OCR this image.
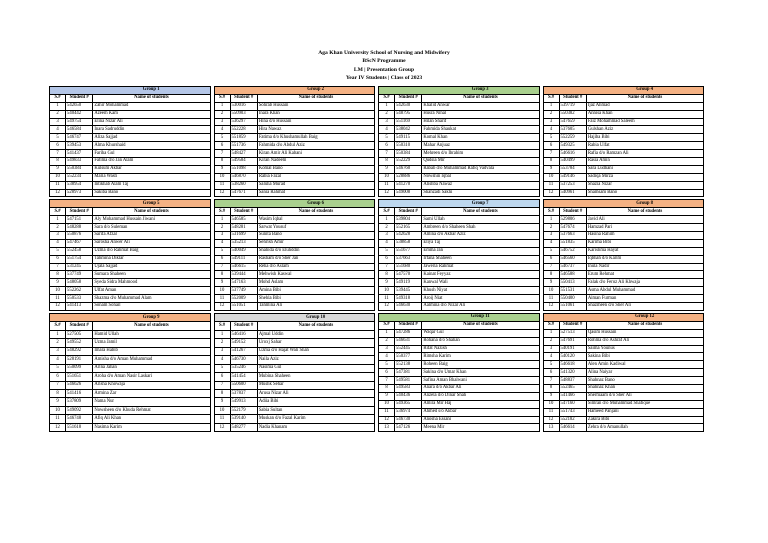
Aga Khan University School of Nursing and Midwifery
BScN Programme
LM | Presentation Group
Year IV Students | Class of 2023
		Group 1
S.#	Student #	Name of students
1	542650	Zahir Mohammad
2	540442	Azeem Kam
3	549754	Elina Nizar Ali
4	546584	Inara Sadruddin
5	546747	Aliza Sajjad
6	539453	Alma Khurshaid
7	541437	Fariha Gul
8	549833	Fatima d/o Jan Alam
9	550384	Kulsum Akbar
10	552234	Maria Wasti
11	538954	Intikhab Alam Taj
12	528973	Sakiba Bano
		Group 2
S.#	Student #	Name of students
1	530016	Sohrab Hussain
2	550903	Inara Khan
3	536297	Hina d/o Hussain
4	552228	Hira Nawaz
5	551859	Fatima d/o Khushamullah Baig
6	551736	Fahmida d/o Abdul Aziz
7	548427	Kiran Amir Ali Kabani
8	549584	Kiran Nadeem
9	551098	Komal Bano
10	546870	Rabia Fazal
11	538260	Saluha Murad
12	547671	Sania Rahmat
		Group 3
S.#	Student #	Name of students
1	542630	Khalid Anwar
2	548795	Husra Nihal
3	551169	Hilan Sharif
4	538042	Fahmida Shaukat
5	549115	Komal Khan
6	550310	Mahar Anjuaz
7	550384	Mehreen d/o Ibrahim
8	552229	Qudsia Mir
9	546760	Rabab d/o Muhammad Rafiq Vadvala
10	528886	Nowshin Iqbal
11	541270	Alishba Nawaz
12	549008	Shahzadi Sakhi
		Group 4
S.#	Student #	Name of students
1	539719	Ijaz Ahmad
2	550382	Annisa Khan
3	547659	Faiz Mohammad Saleem
4	537605	Gulshan Aziz
5	552259	Hajiba Bibi
6	549325	Rabia Ulfat
7	546616	Rafia d/o Ramzan Ali
8	540499	Rasia Amin
9	553784	Sara Ludhani
10	549146	Sadiqa Mirza
11	537253	Shazia Nizar
12	540961	Shamsam Bano
		Group 5
S.#	Student #	Name of students
1	547151	Aly Mohammad Hussain Jiwani
2	548288	Sara d/o Suleman
3	550876	Sarifa Afzal
4	547467	Sarosha Anwer Ali
5	552458	Uzma d/o Rahmat Baig
6	551754	Tahmina Diklar
7	531245	Ujala Sajjad
8	537749	Sumara Shaheen
9	548058	Syeda Sidra Mahmood
10	552262	Ulfat Aman
11	550533	Shazma d/o Muhammad Alam
12	541413	Sonam Sohail
		Group 6
S.#	Student #	Name of students
1	546585	Wasim Iqbal
2	548281	Sarwat Yousuf
3	531699	Sunita Bano
4	535213	Sehrish Amir
5	540049	Shahida d/o Eluhddin
6	549111	Rasham d/o Sher Jan
7	546615	Reha d/o Aslam
8	539444	Mehwish Kaswal
9	547163	Mohd Aslam
10	537749	Amina Bibi
11	552009	Shehla Bibi
12	551051	Tahmina Ali
		Group 7
S.#	Student #	Name of students
1	539804	Sami Ullah
2	552165	Ambreen d/o Shaheen Shah
3	542628	Amina d/o Akbar Aziz
4	538858	Eliya Taj
5	551677	Emma Jan
6	537663	Irfana Shaheen
7	551680	Jaweria Rahmat
8	547570	Kainat Feyyaz
9	549119	Kanwal Wali
10	539445	Khush Niyat
11	549318	Aroij Niat
12	546630	Aalmina d/o Nizar Ali
		Group 8
S.#	Student #	Name of students
1	529806	Javid Ali
2	547674	Hamzad Pari
3	537663	Hasina Rahim
4	551835	Karima Bibi
5	546752	Karishma Hayat
6	546560	Iqbhah d/o Karim
7	546737	Inula Nadir
8	546588	Erum Rehmat
9	550413	Falak d/o Feroz Ali Khwaja
10	551531	Asma Abdul Muhammad
11	550400	Aiman Furman
12	551061	Shazmeen d/o Sher Ali
		Group 9
S.#	Student #	Name of students
1	527505	Hamid Ullah
2	549552	Uzma Jamil
3	548292	Imara Habib
4	528191	Amisha d/o Aman Muhammad
5	550099	Arina Jahan
6	551651	Aroha d/o Aman Nasir Laskari
7	546626	Arisha Khowaja
8	541416	Armina Zar
9	537809	Nama Nur
10	549092	Nowsheen d/o Khuda Rehmat
11	546748	Afiq Ali Khan
12	551618	Nasima Karim
		Group 10
S.#	Student #	Name of students
1	546416	Ajmal Uddin
2	549152	Uroxj Sahar
3	541267	Uzma d/o Hajat Wali Shah
4	546730	Naila Aziz
5	535246	Nasima Gul
6	541454	Mubina Shaheen
7	550600	Mushk Sehar
8	537837	Arusa Nizar Ali
9	549913	Adiia Bibi
10	552179	Sabia Sultan
11	539140	Muskan d/o Fazal Karim
12	548277	Nadia Khanam
		Group 11
S.#	Student #	Name of students
1	547286	Waqar Gul
2	546631	Rohana d/o Shahan
3	552445	Rifat Nazish
4	550377	Rimsha Karim
5	552138	Roheen Baig
6	547381	Sakina d/o Umar Khan
7	549581	Safina Aman Bhalwani
8	549583	Anara d/o Akbar Ali
9	540436	Anzela d/o Dinar Shah
10	549365	Amira Mir Haj
11	536974	Ahmed s/o Akbar
12	546730	Anosha Essani
13	547126	Meena Mir
		Group 12
S.#	Student #	Name of students
1	527513	Qasim Hussain
2	547691	Rohma d/o Ashraf Ali
3	540191	Saima Younus
4	540120	Sakina Bibi
5	546618	Alen Amin Kadiwal
6	541320	Alina Naiyar
7	548837	Shahnaz Bano
8	552465	Shahnaz Khan
9	541466	Shermaam d/o Sher Ali
10	547160	Simran d/o Muhammad Shafique
11	551743	Hameed Panjani
12	552182	Zakira Bibi
13	546614	Zehra d/o Amanullah
